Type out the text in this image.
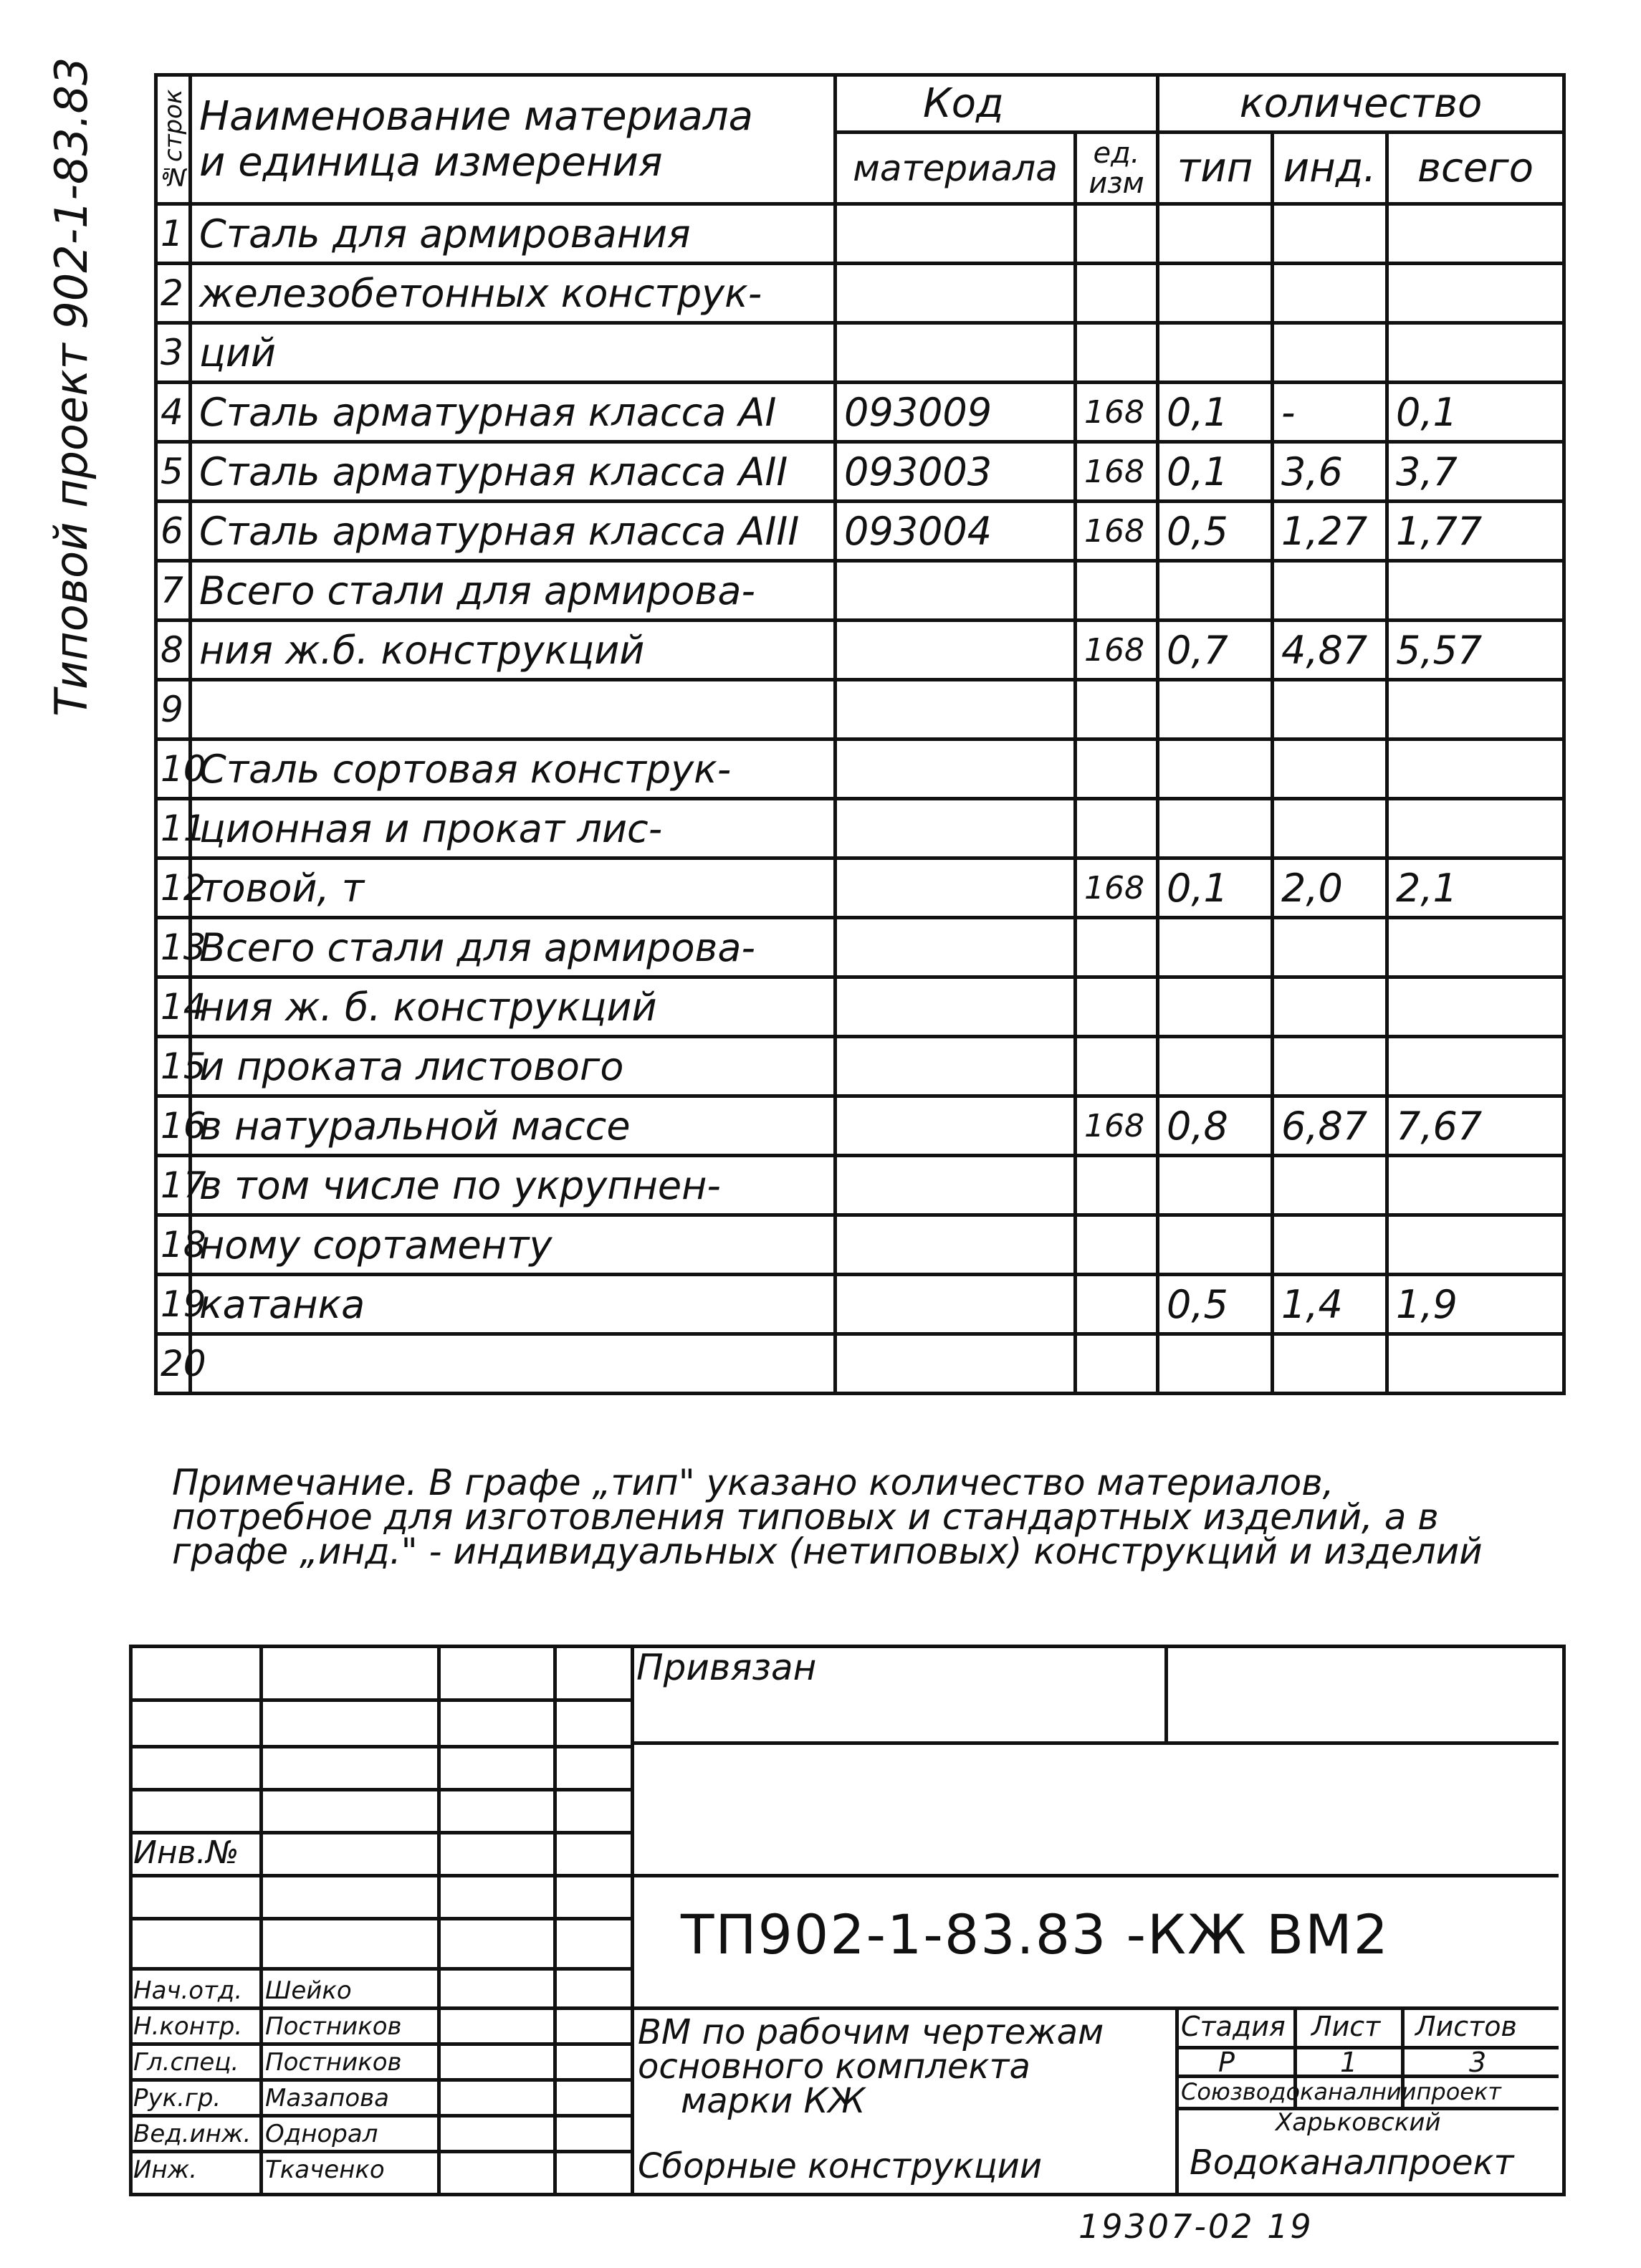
Типовой проект 902-1-83.83	№строк	Наименование материала
и единица измерения	Код		количество		
		материала	ед. изм	тип	инд.	всего
1	Сталь для армирования					
2	железобетонных конструк-					
3	ций					
4	Сталь арматурная класса АI	093009	168	0,1	-	0,1
5	Сталь арматурная класса АII	093003	168	0,1	3,6	3,7
6	Сталь арматурная класса АIII	093004	168	0,5	1,27	1,77
7	Всего стали для армирова-					
8	ния ж.б. конструкций		168	0,7	4,87	5,57
9						
10	Сталь сортовая конструк-					
11	ционная и прокат лис-					
12	товой, т		168	0,1	2,0	2,1
13	Всего стали для армирова-					
14	ния ж. б. конструкций					
15	и проката листового					
16	в натуральной массе		168	0,8	6,87	7,67
17	в том числе по укрупнен-					
18	ному сортаменту					
19	катанка			0,5	1,4	1,9
20						
Примечание. В графе „тип" указано количество материалов, потребное для изготовления типовых и стандартных изделий, а в графе „инд." - индивидуальных (нетиповых) конструкций и изделий
Привязан
Инв.№
ТП902-1-83.83 -КЖ ВМ2
Нач.отд. Шейко
Н.контр. Постников
Гл.спец. Постников
Рук.гр. Мазапова
Вед.инж. Однорал
Инж.	Ткаченко
ВМ по рабочим чертежам
основного комплекта
марки КЖ
Сборные конструкции
Стадия Лист Листов
Р	1	3
Союзводоканалниипроект
Харьковский
Водоканалпроект
19307-02 19
